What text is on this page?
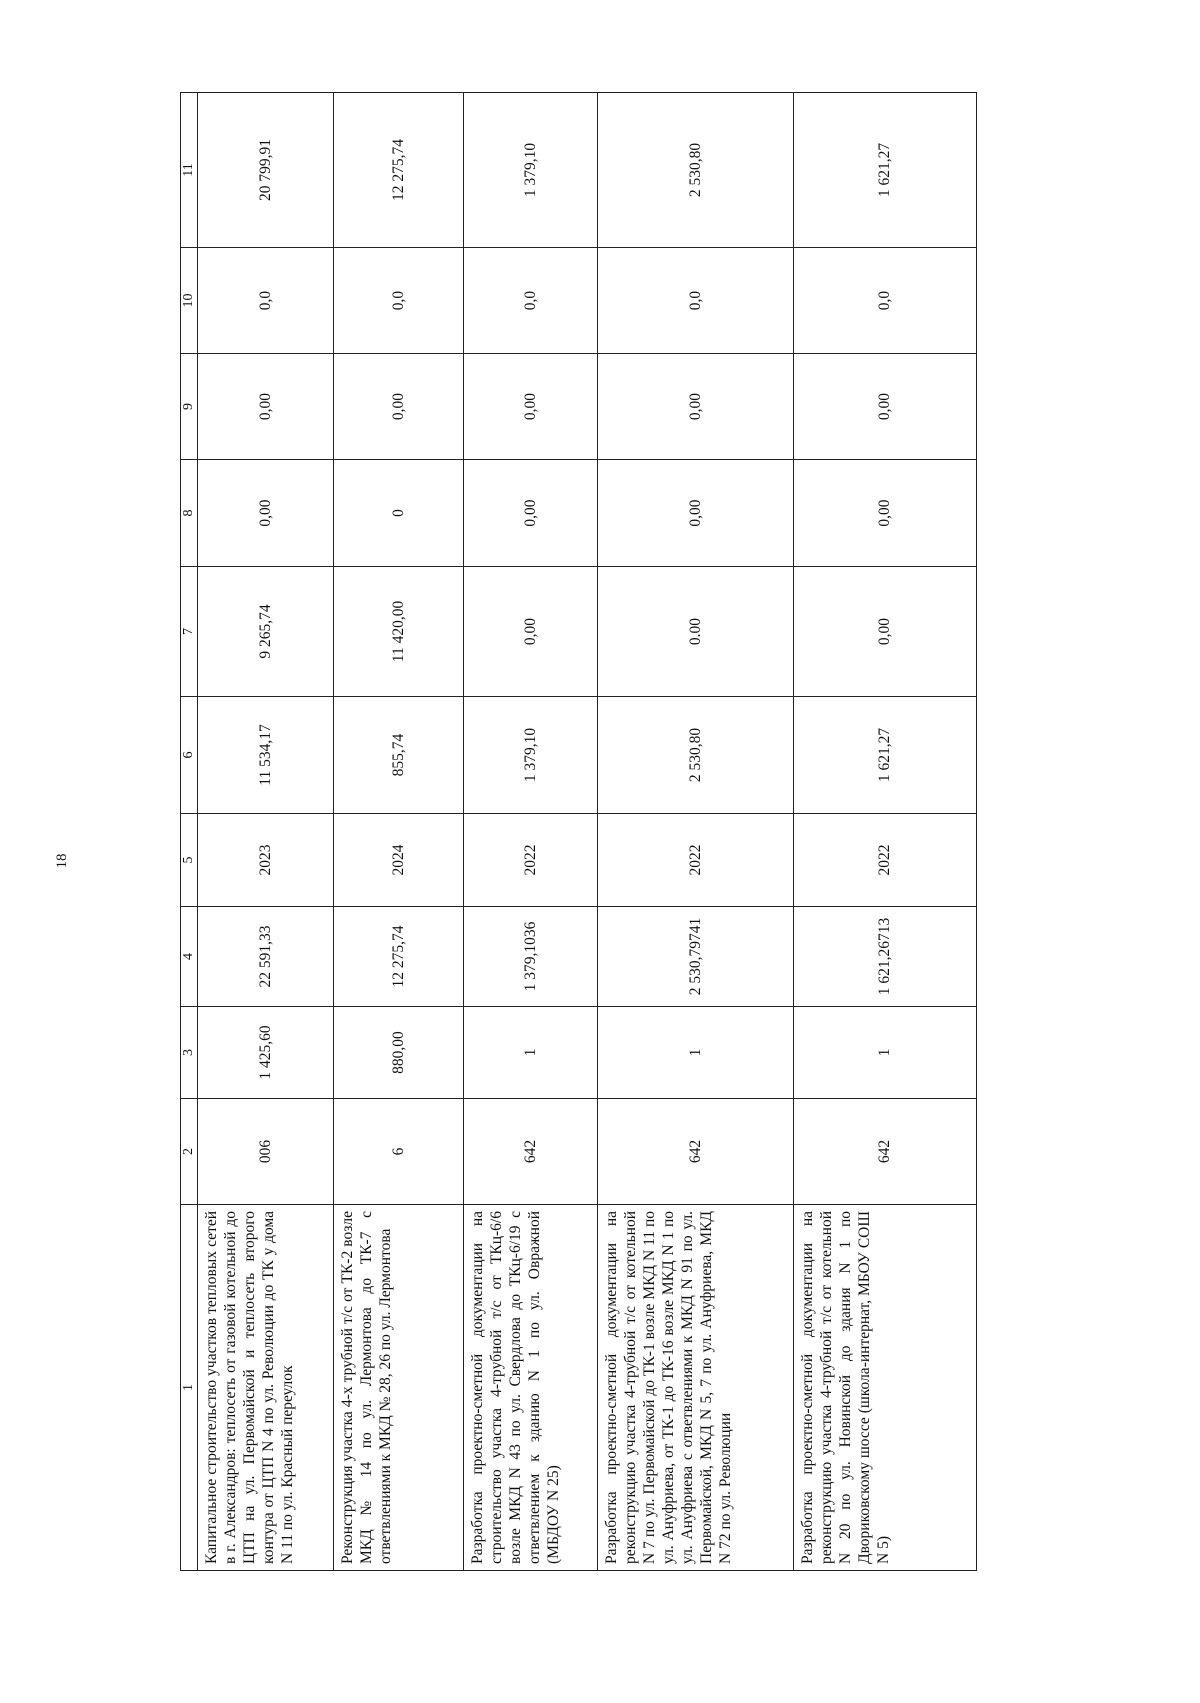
18
1	2	3	4	5	6	7	8	9	10	11
Капитальное строительство участков тепловых сетей в г. Александров: теплосеть от газовой котельной до ЦТП на ул. Первомайской и теплосеть второго контура от ЦТП N 4 по ул. Революции до ТК у дома N 11 по ул. Красный переулок	006	1 425,60	22 591,33	2023	11 534,17	9 265,74	0,00	0,00	0,0	20 799,91
Реконструкция участка 4-х трубной т/с от ТК-2 возле МКД № 14 по ул. Лермонтова до ТК-7 с ответвлениями к МКД № 28, 26 по ул. Лермонтова	6	880,00	12 275,74	2024	855,74	11 420,00	0	0,00	0,0	12 275,74
Разработка проектно-сметной документации на строительство участка 4-трубной т/с от ТКц-6/6 возле МКД N 43 по ул. Свердлова до ТКц-6/19 с ответвлением к зданию N 1 по ул. Овражной (МБДОУ N 25)	642	1	1 379,1036	2022	1 379,10	0,00	0,00	0,00	0,0	1 379,10
Разработка проектно-сметной документации на реконструкцию участка 4-трубной т/с от котельной N 7 по ул. Первомайской до ТК-1 возле МКД N 11 по ул. Ануфриева, от ТК-1 до ТК-16 возле МКД N 1 по ул. Ануфриева с ответвлениями к МКД N 91 по ул. Первомайской, МКД N 5, 7 по ул. Ануфриева, МКД N 72 по ул. Революции	642	1	2 530,79741	2022	2 530,80	0.00	0,00	0,00	0,0	2 530,80
Разработка проектно-сметной документации на реконструкцию участка 4-трубной т/с от котельной N 20 по ул. Новинской до здания N 1 по Двориковскому шоссе (школа-интернат, МБОУ СОШ N 5)	642	1	1 621,26713	2022	1 621,27	0,00	0,00	0,00	0,0	1 621,27
